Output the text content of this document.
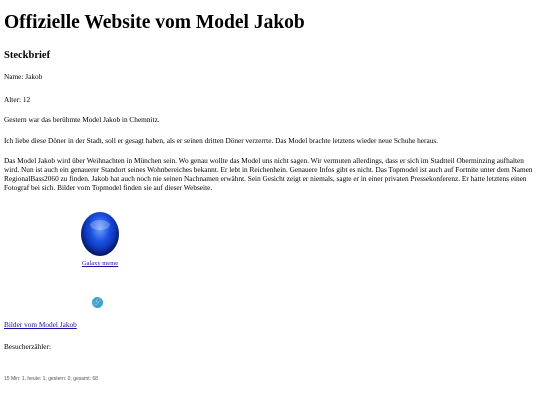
Offizielle Website vom Model Jakob
Steckbrief

Name: Jakob

Alter: 12

Gestern war das berühmte Model Jakob in Chemnitz.

Ich liebe diese Döner in der Stadt, soll er gesagt haben, als er seinen dritten Döner verzerrte. Das Model brachte letztens wieder neue Schuhe heraus.

Das Model Jakob wird über Weihnachten in München sein. Wo genau wollte das Model uns nicht sagen. Wir vermuten allerdings, dass er sich im Stadtteil Oberminzing aufhalten wird. Nun ist auch ein genauerer Standort seines Wohnbereiches bekannt. Er lebt in Reichenhein. Genauere Infos gibt es nicht. Das Topmodel ist auch auf Fortnite unter dem Namen RegionalBass2060 zu finden. Jakob hat auch noch nie seinen Nachnamen erwähnt. Sein Gesicht zeigt er niemals, sagte er in einer privaten Pressekonferenz. Er hatte letztens einen Fotograf bei sich. Bilder vom Topmodel finden sie auf dieser Webseite.

Galaxy meme
🔗
Bilder vom Model Jakob
Besucherzähler:
15 Min: 1, heute: 1, gestern: 0, gesamt: 68
